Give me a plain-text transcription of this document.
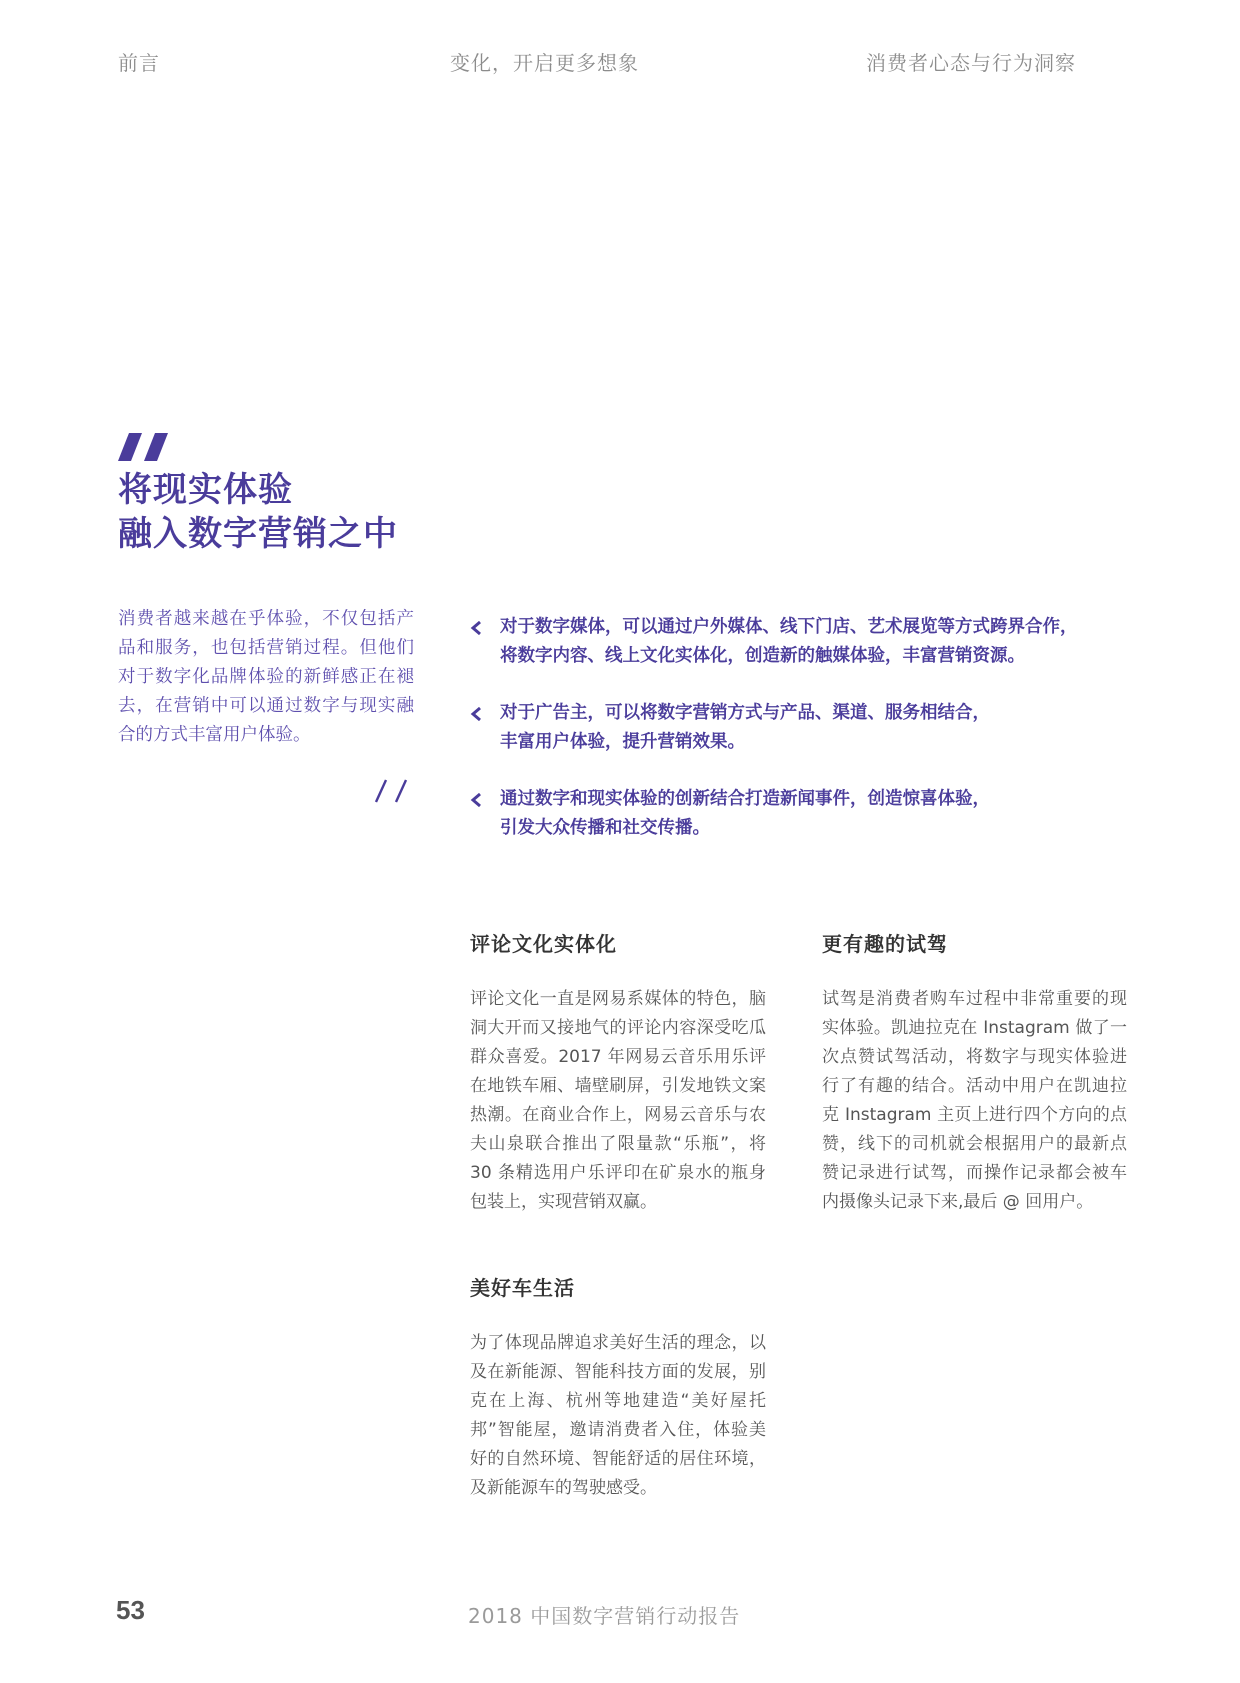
前言	变化，开启更多想象	消费者心态与行为洞察
将现实体验
融入数字营销之中
消费者越来越在乎体验，不仅包括产品和服务，也包括营销过程。但他们对于数字化品牌体验的新鲜感正在褪去，在营销中可以通过数字与现实融合的方式丰富用户体验。
对于数字媒体，可以通过户外媒体、线下门店、艺术展览等方式跨界合作，
将数字内容、线上文化实体化，创造新的触媒体验，丰富营销资源。
对于广告主，可以将数字营销方式与产品、渠道、服务相结合，
丰富用户体验，提升营销效果。
通过数字和现实体验的创新结合打造新闻事件，创造惊喜体验，
引发大众传播和社交传播。
评论文化实体化
评论文化一直是网易系媒体的特色，脑洞大开而又接地气的评论内容深受吃瓜群众喜爱。2017 年网易云音乐用乐评在地铁车厢、墙壁刷屏，引发地铁文案热潮。在商业合作上，网易云音乐与农夫山泉联合推出了限量款“乐瓶”，将 30 条精选用户乐评印在矿泉水的瓶身包装上，实现营销双赢。
更有趣的试驾
试驾是消费者购车过程中非常重要的现实体验。凯迪拉克在 Instagram 做了一次点赞试驾活动，将数字与现实体验进行了有趣的结合。活动中用户在凯迪拉克 Instagram 主页上进行四个方向的点赞，线下的司机就会根据用户的最新点赞记录进行试驾，而操作记录都会被车内摄像头记录下来,最后 @ 回用户。
美好车生活
为了体现品牌追求美好生活的理念，以及在新能源、智能科技方面的发展，别克在上海、杭州等地建造“美好屋托邦”智能屋，邀请消费者入住，体验美好的自然环境、智能舒适的居住环境，及新能源车的驾驶感受。
53	2018 中国数字营销行动报告
